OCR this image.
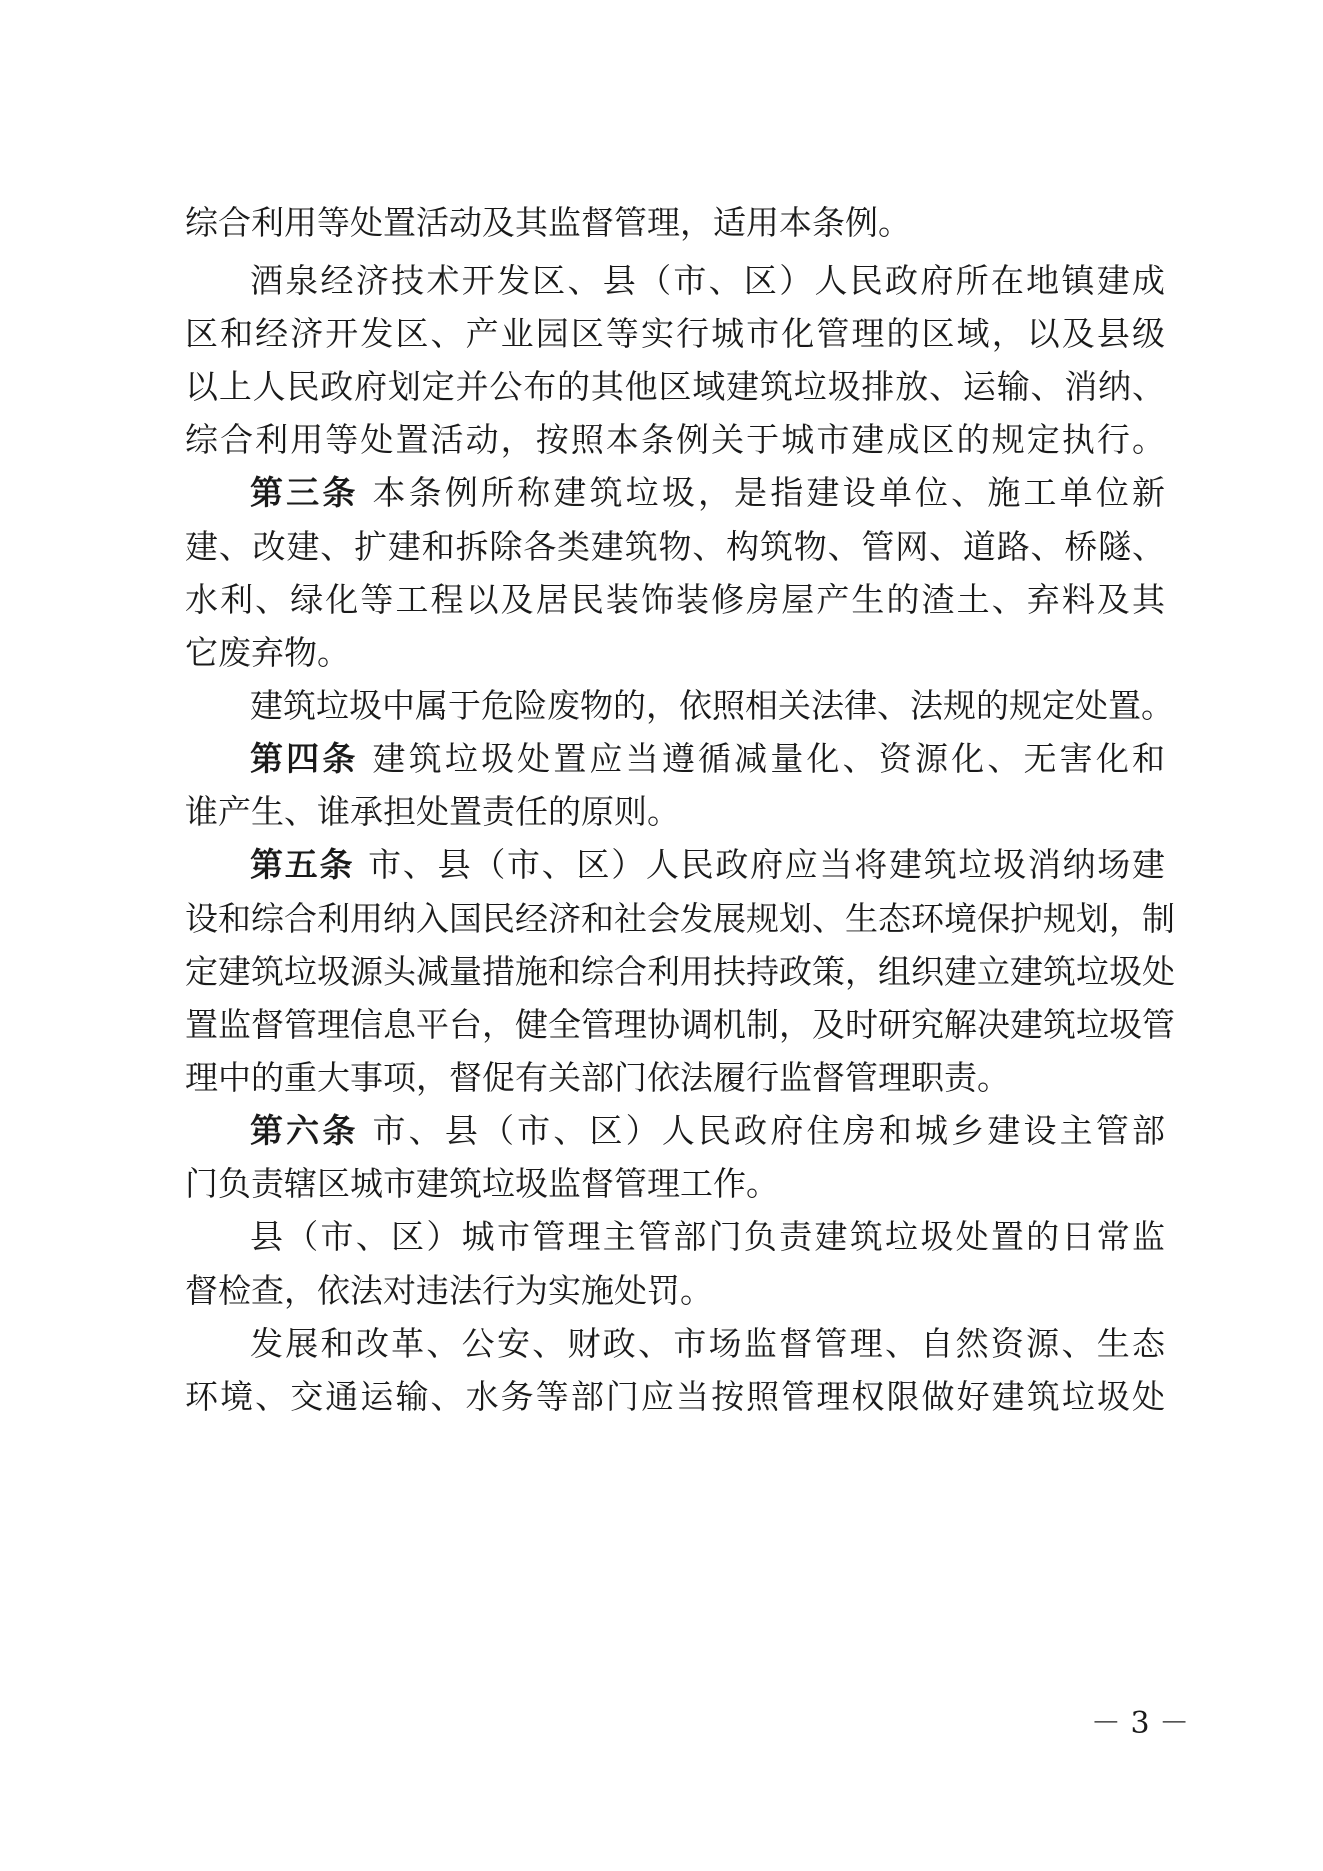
综合利用等处置活动及其监督管理，适用本条例。
酒泉经济技术开发区、县（市、区）人民政府所在地镇建成
区和经济开发区、产业园区等实行城市化管理的区域，以及县级
以上人民政府划定并公布的其他区域建筑垃圾排放、运输、消纳、
综合利用等处置活动，按照本条例关于城市建成区的规定执行。
第三条 本条例所称建筑垃圾，是指建设单位、施工单位新
建、改建、扩建和拆除各类建筑物、构筑物、管网、道路、桥隧、
水利、绿化等工程以及居民装饰装修房屋产生的渣土、弃料及其
它废弃物。
建筑垃圾中属于危险废物的，依照相关法律、法规的规定处置。
第四条 建筑垃圾处置应当遵循减量化、资源化、无害化和
谁产生、谁承担处置责任的原则。
第五条 市、县（市、区）人民政府应当将建筑垃圾消纳场建
设和综合利用纳入国民经济和社会发展规划、生态环境保护规划，制
定建筑垃圾源头减量措施和综合利用扶持政策，组织建立建筑垃圾处
置监督管理信息平台，健全管理协调机制，及时研究解决建筑垃圾管
理中的重大事项，督促有关部门依法履行监督管理职责。
第六条 市、县（市、区）人民政府住房和城乡建设主管部
门负责辖区城市建筑垃圾监督管理工作。
县（市、区）城市管理主管部门负责建筑垃圾处置的日常监
督检查，依法对违法行为实施处罚。
发展和改革、公安、财政、市场监督管理、自然资源、生态
环境、交通运输、水务等部门应当按照管理权限做好建筑垃圾处
－ 3 －
